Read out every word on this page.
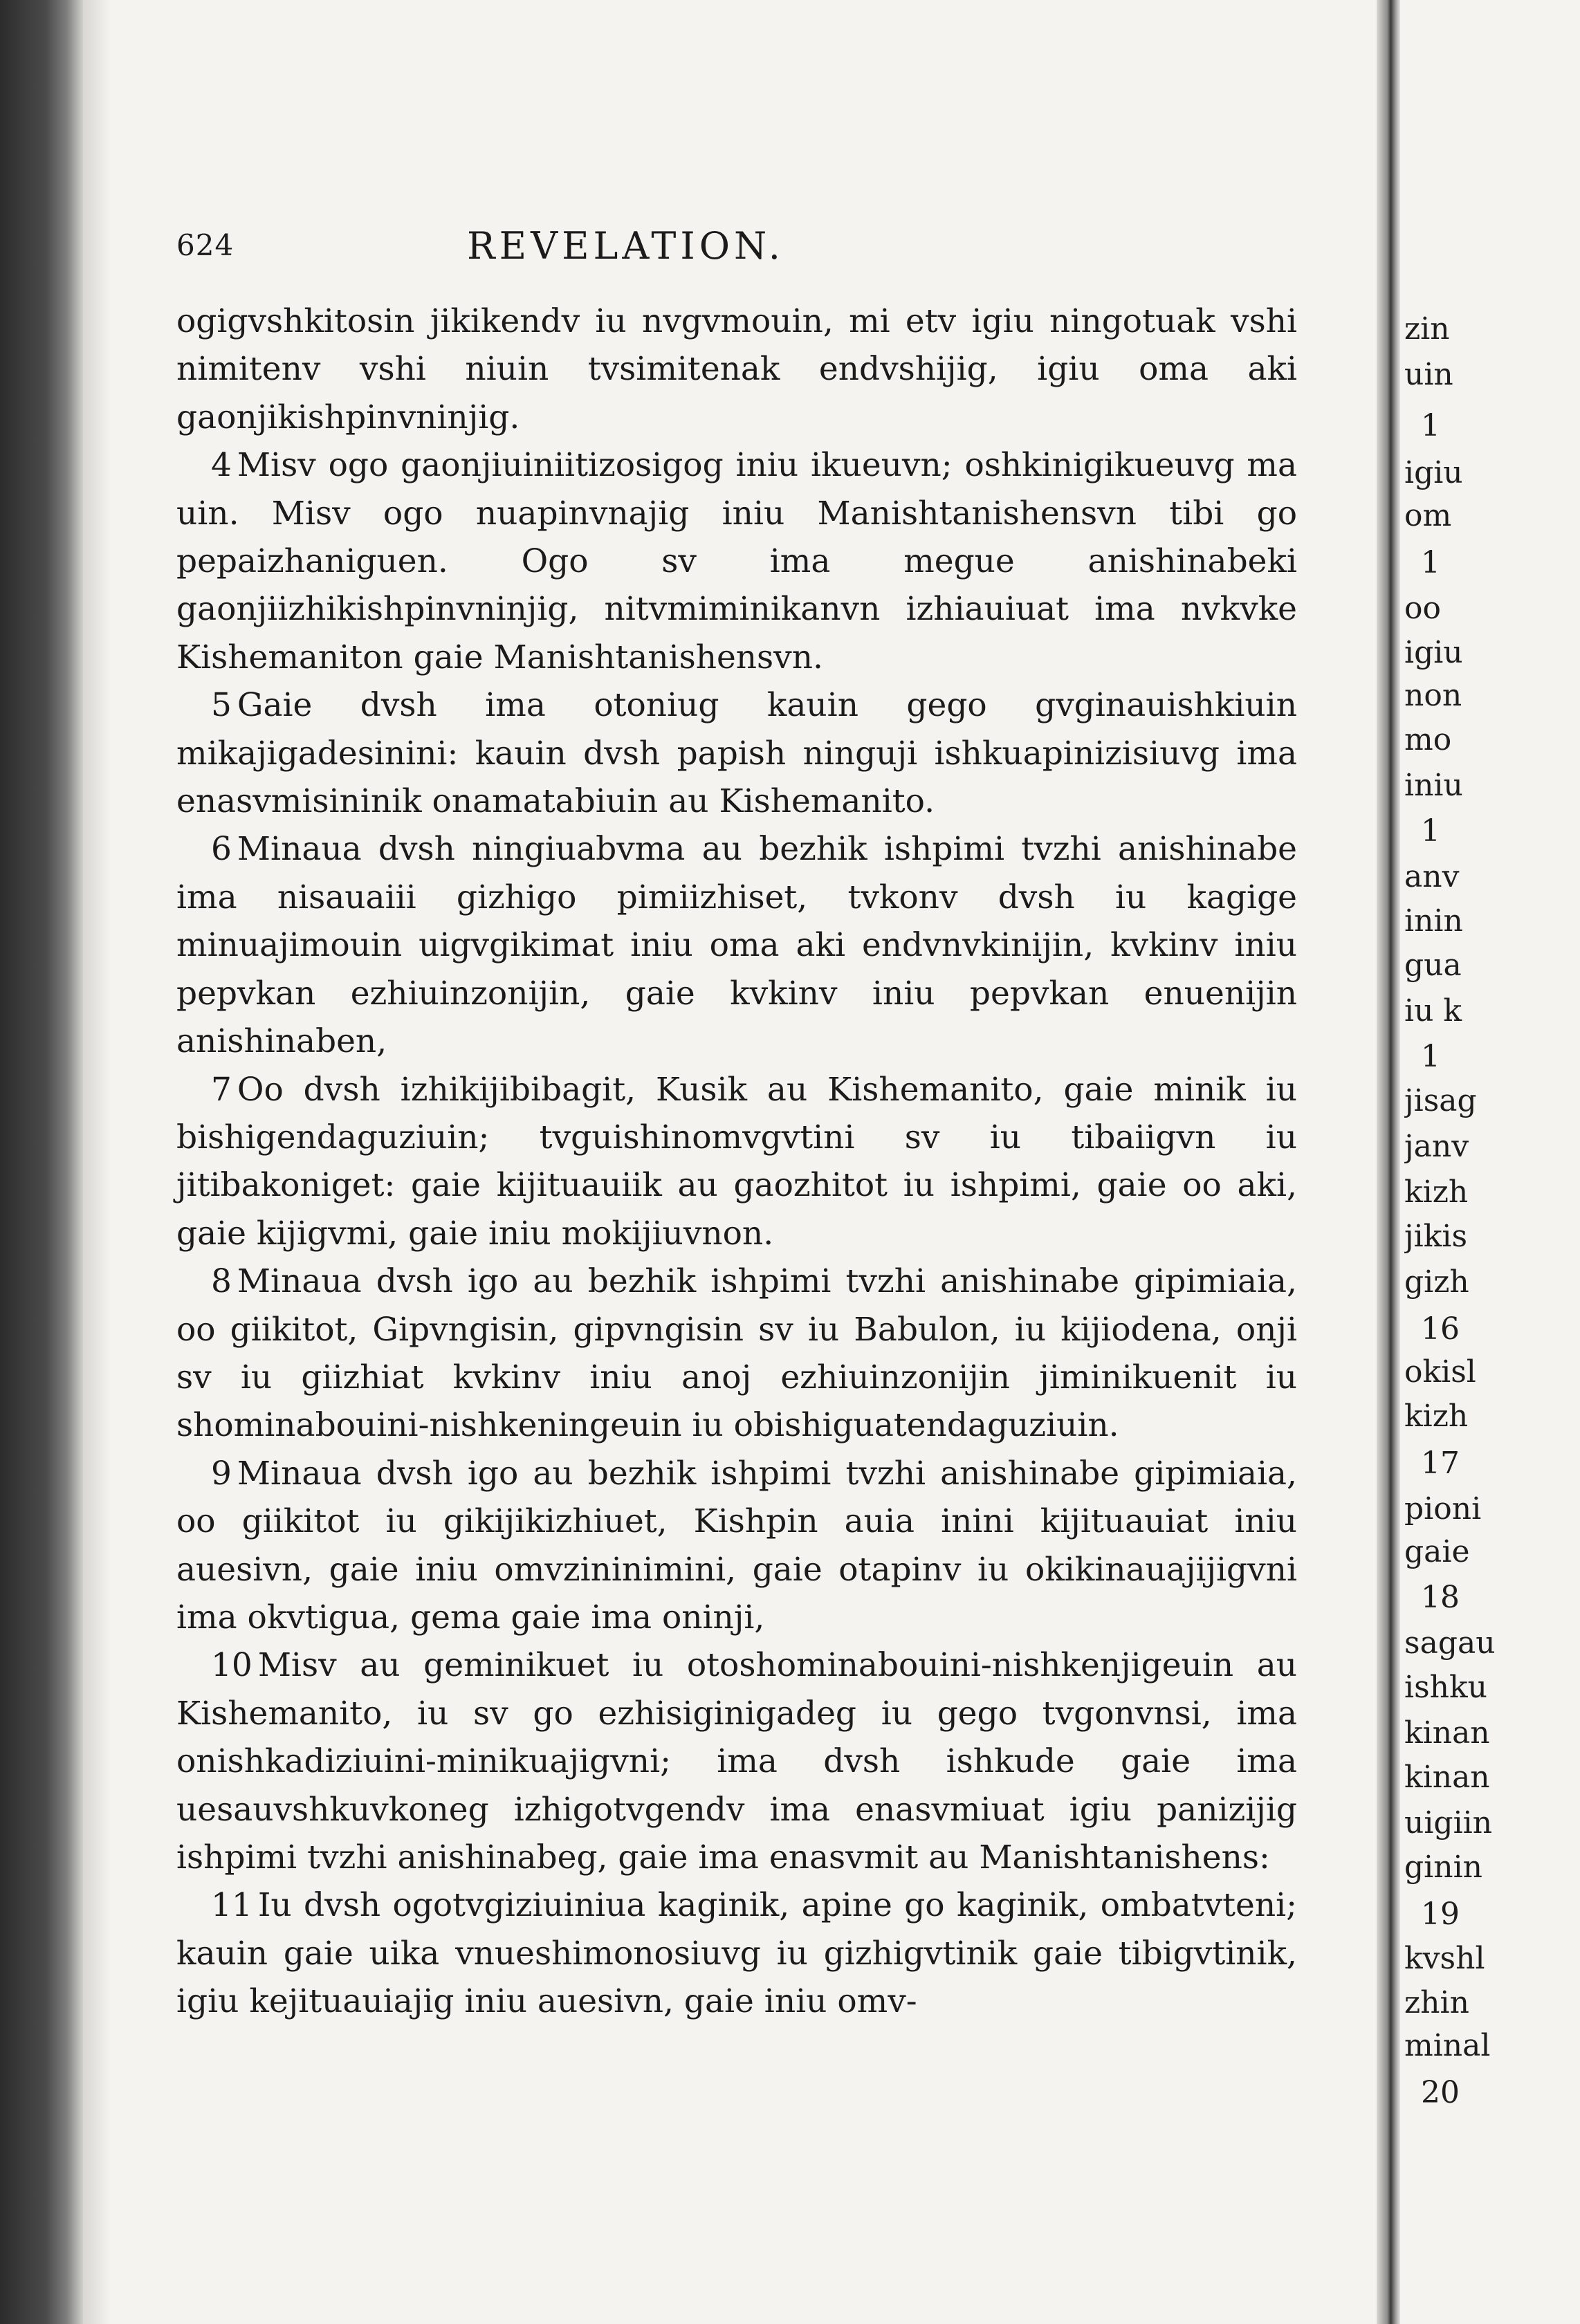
624	REVELATION.

ogigvshkitosin jikikendv iu nvgvmouin, mi etv igiu ningotuak vshi nimitenv vshi niuin tvsimitenak endvshijig, igiu oma aki gaonjikishpinvninjig.

4 Misv ogo gaonjiuiniitizosigog iniu ikueuvn; oshkinigikueuvg ma uin. Misv ogo nuapinvnajig iniu Manishtanishensvn tibi go pepaizhaniguen. Ogo sv ima megue anishinabeki gaonjiizhikishpinvninjig, nitvmiminikanvn izhiauiuat ima nvkvke Kishemaniton gaie Manishtanishensvn.

5 Gaie dvsh ima otoniug kauin gego gvginauishkiuin mikajigadesinini: kauin dvsh papish ninguji ishkuapinizisiuvg ima enasvmisininik onamatabiuin au Kishemanito.

6 Minaua dvsh ningiuabvma au bezhik ishpimi tvzhi anishinabe ima nisauaiii gizhigo pimiizhiset, tvkonv dvsh iu kagige minuajimouin uigvgikimat iniu oma aki endvnvkinijin, kvkinv iniu pepvkan ezhiuinzonijin, gaie kvkinv iniu pepvkan enuenijin anishinaben,

7 Oo dvsh izhikijibibagit, Kusik au Kishemanito, gaie minik iu bishigendaguziuin; tvguishinomvgvtini sv iu tibaiigvn iu jitibakoniget: gaie kijituauiik au gaozhitot iu ishpimi, gaie oo aki, gaie kijigvmi, gaie iniu mokijiuvnon.

8 Minaua dvsh igo au bezhik ishpimi tvzhi anishinabe gipimiaia, oo giikitot, Gipvngisin, gipvngisin sv iu Babulon, iu kijiodena, onji sv iu giizhiat kvkinv iniu anoj ezhiuinzonijin jiminikuenit iu shominabouini-nishkeningeuin iu obishiguatendaguziuin.

9 Minaua dvsh igo au bezhik ishpimi tvzhi anishinabe gipimiaia, oo giikitot iu gikijikizhiuet, Kishpin auia inini kijituauiat iniu auesivn, gaie iniu omvzininimini, gaie otapinv iu okikinauajijigvni ima okvtigua, gema gaie ima oninji,

10 Misv au geminikuet iu otoshominabouini-nishkenjigeuin au Kishemanito, iu sv go ezhisiginigadeg iu gego tvgonvnsi, ima onishkadiziuini-minikuajigvni; ima dvsh ishkude gaie ima uesauvshkuvkoneg izhigotvgendv ima enasvmiuat igiu panizijig ishpimi tvzhi anishinabeg, gaie ima enasvmit au Manishtanishens:

11 Iu dvsh ogotvgiziuiniua kaginik, apine go kaginik, ombatvteni; kauin gaie uika vnueshimonosiuvg iu gizhigvtinik gaie tibigvtinik, igiu kejituauiajig iniu auesivn, gaie iniu omv-

zin
uin
1
igiu
om
1
oo
igiu
non
mo
iniu
1
anv
inin
gua
iu k
1
jisag
janv
kizh
jikis
gizh
16
okisl
kizh
17
pioni
gaie
18
sagau
ishku
kinan
kinan
uigiin
ginin
19
kvshl
zhin
minal
20
